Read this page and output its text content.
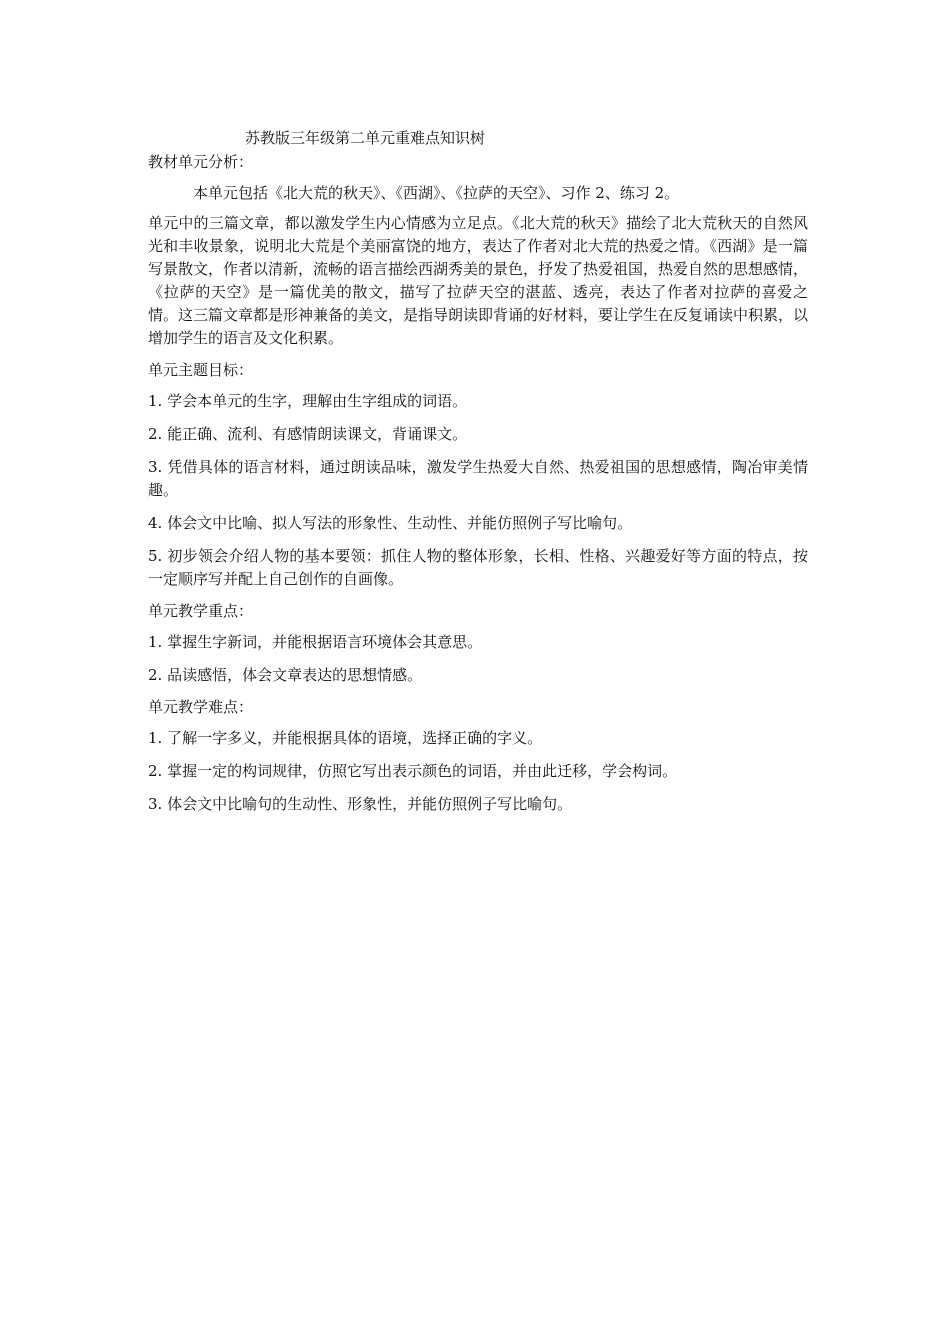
苏教版三年级第二单元重难点知识树

教材单元分析：

本单元包括《北大荒的秋天》、《西湖》、《拉萨的天空》、习作 2、练习 2。

单元中的三篇文章，都以激发学生内心情感为立足点。《北大荒的秋天》描绘了北大荒秋天的自然风光和丰收景象，说明北大荒是个美丽富饶的地方，表达了作者对北大荒的热爱之情。《西湖》是一篇写景散文，作者以清新，流畅的语言描绘西湖秀美的景色，抒发了热爱祖国，热爱自然的思想感情，《拉萨的天空》是一篇优美的散文，描写了拉萨天空的湛蓝、透亮，表达了作者对拉萨的喜爱之情。这三篇文章都是形神兼备的美文，是指导朗读即背诵的好材料，要让学生在反复诵读中积累，以增加学生的语言及文化积累。

单元主题目标：

1. 学会本单元的生字，理解由生字组成的词语。

2. 能正确、流利、有感情朗读课文，背诵课文。

3. 凭借具体的语言材料，通过朗读品味，激发学生热爱大自然、热爱祖国的思想感情，陶冶审美情趣。

4. 体会文中比喻、拟人写法的形象性、生动性、并能仿照例子写比喻句。

5. 初步领会介绍人物的基本要领：抓住人物的整体形象，长相、性格、兴趣爱好等方面的特点，按一定顺序写并配上自己创作的自画像。

单元教学重点：

1. 掌握生字新词，并能根据语言环境体会其意思。

2. 品读感悟，体会文章表达的思想情感。

单元教学难点：

1. 了解一字多义，并能根据具体的语境，选择正确的字义。

2. 掌握一定的构词规律，仿照它写出表示颜色的词语，并由此迁移，学会构词。

3. 体会文中比喻句的生动性、形象性，并能仿照例子写比喻句。
